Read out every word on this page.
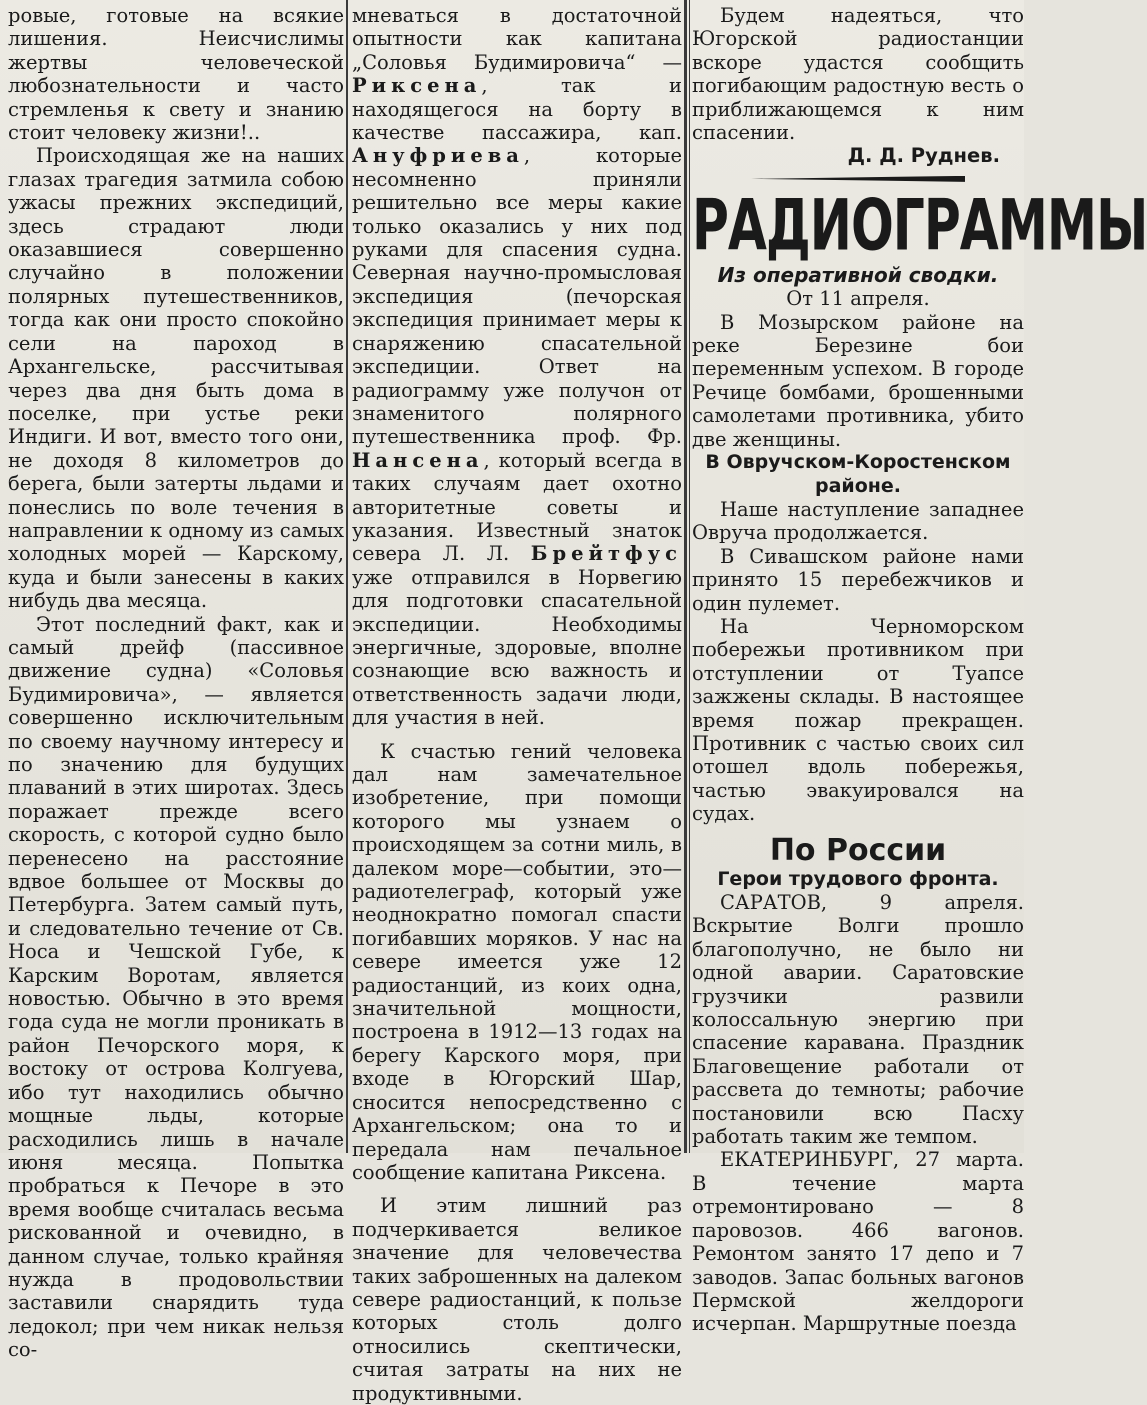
ровые, готовые на всякие лишения. Неисчислимы жертвы человеческой любознательности и часто стремленья к свету и знанию стоит человеку жизни!..

Происходящая же на наших глазах трагедия затмила собою ужасы прежних экспедиций, здесь страдают люди оказавшиеся совершенно случайно в положении полярных путешественников, тогда как они просто спокойно сели на пароход в Архангельске, рассчитывая через два дня быть дома в поселке, при устье реки Индиги. И вот, вместо того они, не доходя 8 километров до берега, были затерты льдами и понеслись по воле течения в направлении к одному из самых холодных морей — Карскому, куда и были занесены в каких нибудь два месяца.

Этот последний факт, как и самый дрейф (пассивное движение судна) «Соловья Будимировича», — является совершенно исключительным по своему научному интересу и по значению для будущих плаваний в этих широтах. Здесь поражает прежде всего скорость, с которой судно было перенесено на расстояние вдвое большее от Москвы до Петербурга. Затем самый путь, и следовательно течение от Св. Носа и Чешской Губе, к Карским Воротам, является новостью. Обычно в это время года суда не могли проникать в район Печорского моря, к востоку от острова Колгуева, ибо тут находились обычно мощные льды, которые расходились лишь в начале июня месяца. Попытка пробраться к Печоре в это время вообще считалась весьма рискованной и очевидно, в данном случае, только крайняя нужда в продовольствии заставили снарядить туда ледокол; при чем никак нельзя со-

мневаться в достаточной опытности как капитана „Соловья Будимировича“ — Риксена, так и находящегося на борту в качестве пассажира, кап. Ануфриева, которые несомненно приняли решительно все меры какие только оказались у них под руками для спасения судна. Северная научно-промысловая экспедиция (печорская экспедиция принимает меры к снаряжению спасательной экспедиции. Ответ на радиограмму уже получон от знаменитого полярного путешественника проф. Фр. Нансена, который всегда в таких случаям дает охотно авторитетные советы и указания. Известный знаток севера Л. Л. Брейтфус уже отправился в Норвегию для подготовки спасательной экспедиции. Необходимы энергичные, здоровые, вполне сознающие всю важность и ответственность задачи люди, для участия в ней.

К счастью гений человека дал нам замечательное изобретение, при помощи которого мы узнаем о происходящем за сотни миль, в далеком море—событии, это—радиотелеграф, который уже неоднократно помогал спасти погибавших моряков. У нас на севере имеется уже 12 радиостанций, из коих одна, значительной мощности, построена в 1912—13 годах на берегу Карского моря, при входе в Югорский Шар, сносится непосредственно с Архангельском; она то и передала нам печальное сообщение капитана Риксена.

И этим лишний раз подчеркивается великое значение для человечества таких заброшенных на далеком севере радиостанций, к пользе которых столь долго относились скептически, считая затраты на них не продуктивными.

Будем надеяться, что Югорской радиостанции вскоре удастся сообщить погибающим радостную весть о приближающемся к ним спасении.

Д. Д. Руднев.

РАДИОГРАММЫ
Из оперативной сводки.
От 11 апреля.

В Мозырском районе на реке Березине бои переменным успехом. В городе Речице бомбами, брошенными самолетами противника, убито две женщины.

В Овручском-Коростенском районе.

Наше наступление западнее Овруча продолжается.

В Сивашском районе нами принято 15 перебежчиков и один пулемет.

На Черноморском побережьи противником при отступлении от Туапсе зажжены склады. В настоящее время пожар прекращен. Противник с частью своих сил отошел вдоль побережья, частью эвакуировался на судах.

По России
Герои трудового фронта.

САРАТОВ, 9 апреля. Вскрытие Волги прошло благополучно, не было ни одной аварии. Саратовские грузчики развили колоссальную энергию при спасение каравана. Праздник Благовещение работали от рассвета до темноты; рабочие постановили всю Пасху работать таким же темпом.

ЕКАТЕРИНБУРГ, 27 марта. В течение марта отремонтировано — 8 паровозов. 466 вагонов. Ремонтом занято 17 депо и 7 заводов. Запас больных вагонов Пермской желдороги исчерпан. Маршрутные поезда
